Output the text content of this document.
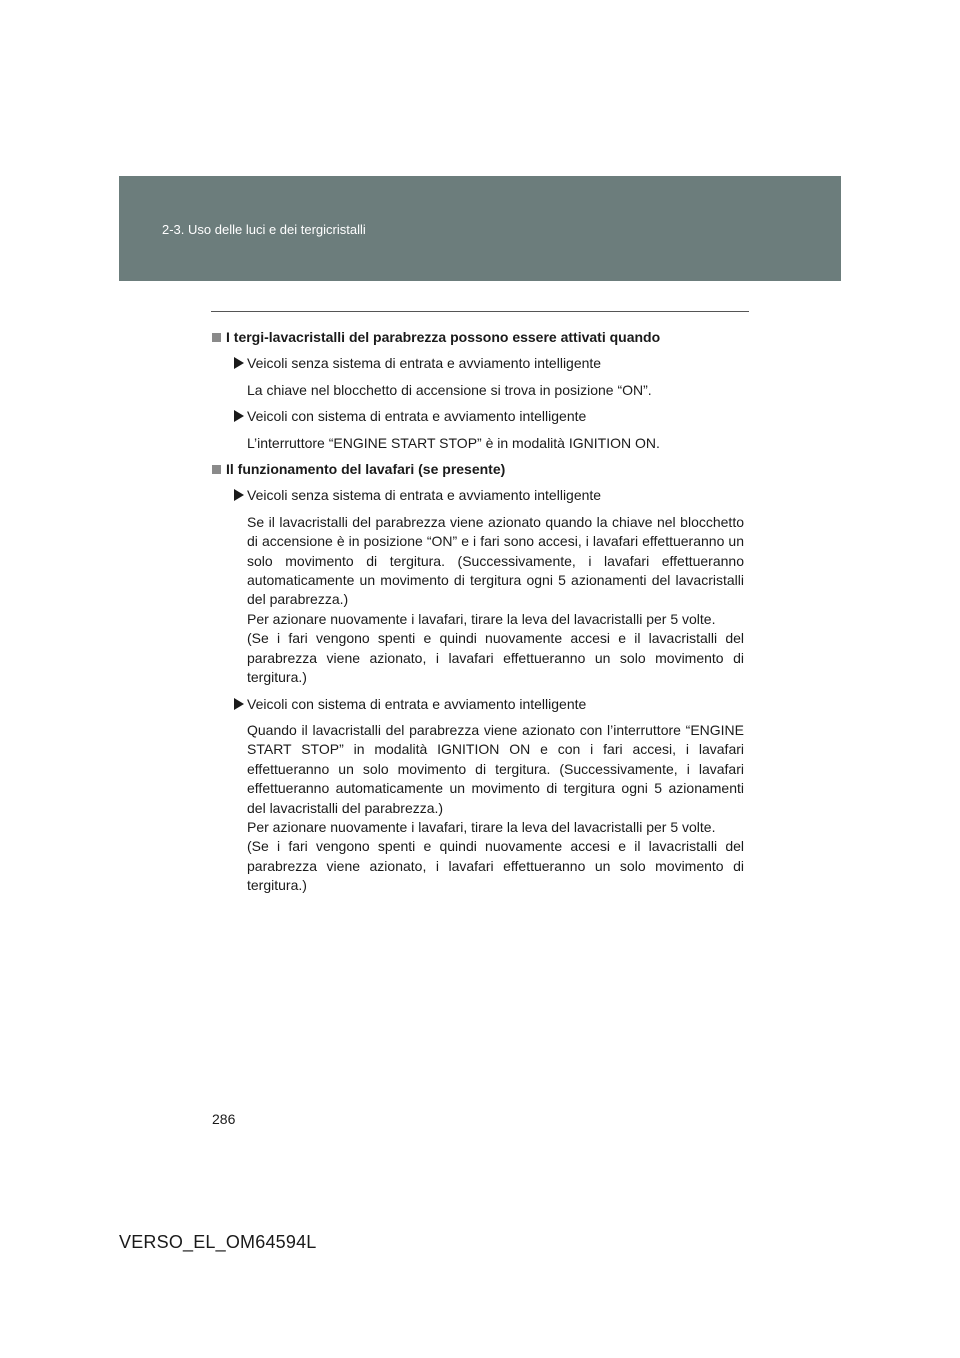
2-3. Uso delle luci e dei tergicristalli
I tergi-lavacristalli del parabrezza possono essere attivati quando
Veicoli senza sistema di entrata e avviamento intelligente

La chiave nel blocchetto di accensione si trova in posizione “ON”.

Veicoli con sistema di entrata e avviamento intelligente

L’interruttore “ENGINE START STOP” è in modalità IGNITION ON.

Il funzionamento del lavafari (se presente)
Veicoli senza sistema di entrata e avviamento intelligente

Se il lavacristalli del parabrezza viene azionato quando la chiave nel blocchetto di accensione è in posizione “ON” e i fari sono accesi, i lavafari effettueranno un solo movimento di tergitura. (Successivamente, i lavafari effettueranno automaticamente un movimento di tergitura ogni 5 azionamenti del lavacristalli del parabrezza.)

Per azionare nuovamente i lavafari, tirare la leva del lavacristalli per 5 volte.

(Se i fari vengono spenti e quindi nuovamente accesi e il lavacristalli del parabrezza viene azionato, i lavafari effettueranno un solo movimento di tergitura.)

Veicoli con sistema di entrata e avviamento intelligente

Quando il lavacristalli del parabrezza viene azionato con l’interruttore “ENGINE START STOP” in modalità IGNITION ON e con i fari accesi, i lavafari effettueranno un solo movimento di tergitura. (Successivamente, i lavafari effettueranno automaticamente un movimento di tergitura ogni 5 azionamenti del lavacristalli del parabrezza.)

Per azionare nuovamente i lavafari, tirare la leva del lavacristalli per 5 volte.

(Se i fari vengono spenti e quindi nuovamente accesi e il lavacristalli del parabrezza viene azionato, i lavafari effettueranno un solo movimento di tergitura.)

286
VERSO_EL_OM64594L
